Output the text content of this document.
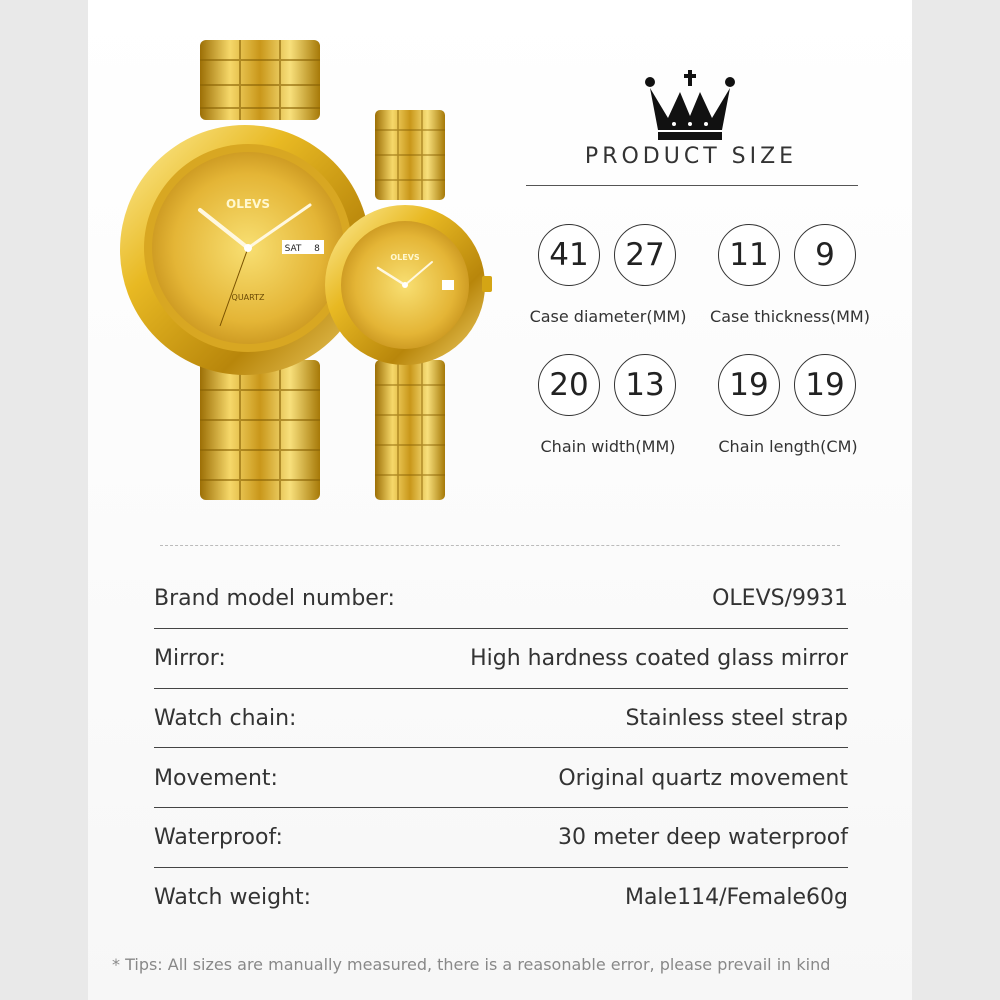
OLEVS
QUARTZ
SAT 8
OLEVS
PRODUCT SIZE
41	27	11	9
Case diameter(MM)	Case thickness(MM)
20	13	19	19
Chain width(MM)	Chain length(CM)
Brand model number:	OLEVS/9931
Mirror:	High hardness coated glass mirror
Watch chain:	Stainless steel strap
Movement:	Original quartz movement
Waterproof:	30 meter deep waterproof
Watch weight:	Male114/Female60g
* Tips: All sizes are manually measured, there is a reasonable error, please prevail in kind
